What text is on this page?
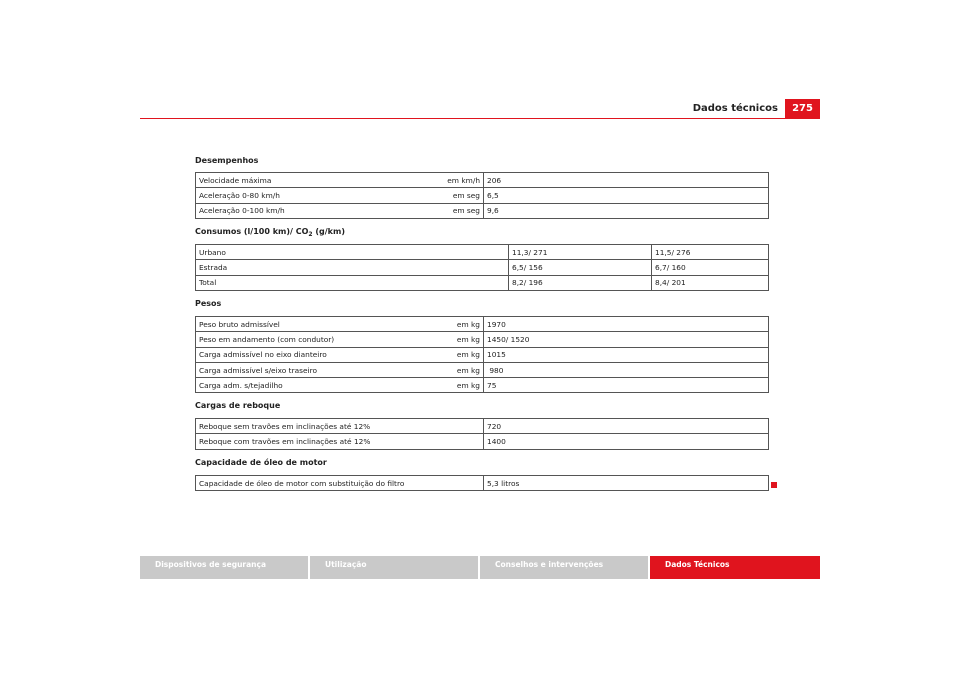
Dados técnicos	275
Desempenhos
Velocidade máxima	em km/h	206
Aceleração 0-80 km/h	em seg	6,5
Aceleração 0-100 km/h	em seg	9,6
Consumos (l/100 km)/ $CO_2$ (g/km)
Urbano	11,3/ 271	11,5/ 276
Estrada	6,5/ 156	6,7/ 160
Total	8,2/ 196	8,4/ 201
Pesos
Peso bruto admissível	em kg	1970
Peso em andamento (com condutor)	em kg	1450/ 1520
Carga admissível no eixo dianteiro	em kg	1015
Carga admissível s/eixo traseiro	em kg	980
Carga adm. s/tejadilho	em kg	75
Cargas de reboque
Reboque sem travões em inclinações até 12%	720
Reboque com travões em inclinações até 12%	1400
Capacidade de óleo de motor
Capacidade de óleo de motor com substituição do filtro	5,3 litros
Dispositivos de segurança	Utilização	Conselhos e intervenções	Dados Técnicos
